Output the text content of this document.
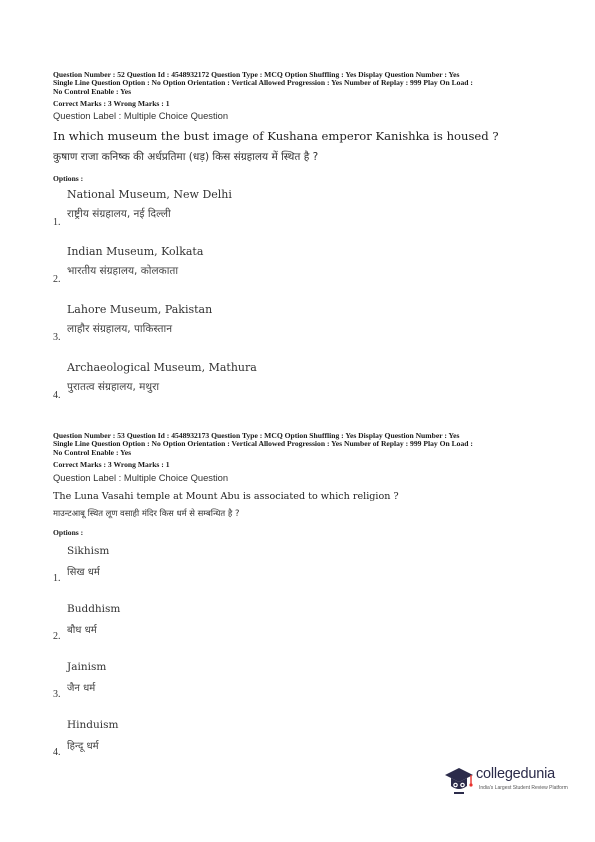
Question Number : 52 Question Id : 4548932172 Question Type : MCQ Option Shuffling : Yes Display Question Number : Yes
Single Line Question Option : No Option Orientation : Vertical Allowed Progression : Yes Number of Replay : 999 Play On Load :
No Control Enable : Yes
Correct Marks : 3 Wrong Marks : 1
Question Label : Multiple Choice Question
In which museum the bust image of Kushana emperor Kanishka is housed ?
कुषाण राजा कनिष्क की अर्धप्रतिमा (धड़) किस संग्रहालय में स्थित है ?
Options :
National Museum, New Delhi
राष्ट्रीय संग्रहालय, नई दिल्ली
1.
Indian Museum, Kolkata
भारतीय संग्रहालय, कोलकाता
2.
Lahore Museum, Pakistan
लाहौर संग्रहालय, पाकिस्तान
3.
Archaeological Museum, Mathura
पुरातत्व संग्रहालय, मथुरा
4.
Question Number : 53 Question Id : 4548932173 Question Type : MCQ Option Shuffling : Yes Display Question Number : Yes
Single Line Question Option : No Option Orientation : Vertical Allowed Progression : Yes Number of Replay : 999 Play On Load :
No Control Enable : Yes
Correct Marks : 3 Wrong Marks : 1
Question Label : Multiple Choice Question
The Luna Vasahi temple at Mount Abu is associated to which religion ?
माउन्टआबू स्थित लूण वसाही मंदिर किस धर्म से सम्बन्धित है ?
Options :
Sikhism
सिख धर्म
1.
Buddhism
बौध धर्म
2.
Jainism
जैन धर्म
3.
Hinduism
हिन्दू धर्म
4.
collegedunia
India's Largest Student Review Platform
